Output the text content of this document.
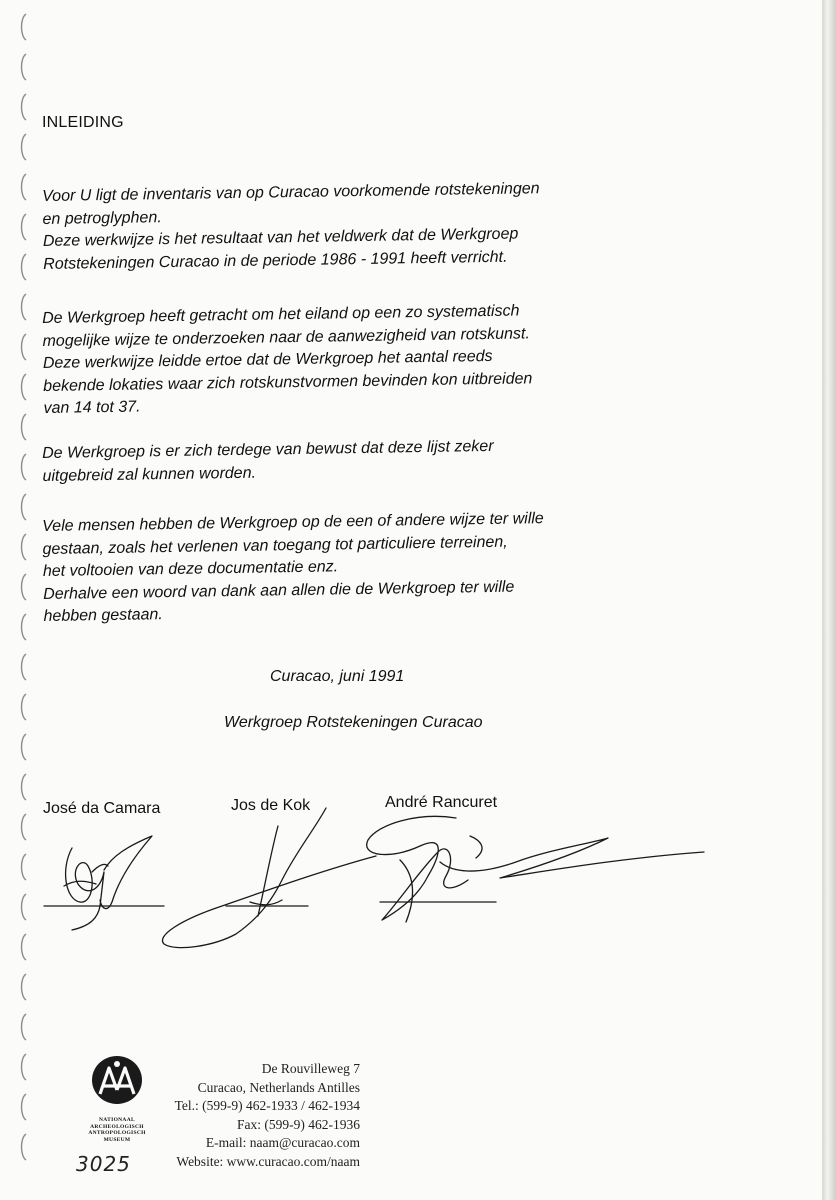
INLEIDING

Voor U ligt de inventaris van op Curacao voorkomende rotstekeningen

en petroglyphen.

Deze werkwijze is het resultaat van het veldwerk dat de Werkgroep

Rotstekeningen Curacao in de periode 1986 - 1991 heeft verricht.

De Werkgroep heeft getracht om het eiland op een zo systematisch

mogelijke wijze te onderzoeken naar de aanwezigheid van rotskunst.

Deze werkwijze leidde ertoe dat de Werkgroep het aantal reeds

bekende lokaties waar zich rotskunstvormen bevinden kon uitbreiden

van 14 tot 37.

De Werkgroep is er zich terdege van bewust dat deze lijst zeker

uitgebreid zal kunnen worden.

Vele mensen hebben de Werkgroep op de een of andere wijze ter wille

gestaan, zoals het verlenen van toegang tot particuliere terreinen,

het voltooien van deze documentatie enz.

Derhalve een woord van dank aan allen die de Werkgroep ter wille

hebben gestaan.

Curacao, juni 1991
Werkgroep Rotstekeningen Curacao
José da Camara	Jos de Kok	André Rancuret
NATIONAAL
ARCHEOLOGISCH
ANTROPOLOGISCH
MUSEUM
De Rouvilleweg 7
Curacao, Netherlands Antilles
Tel.: (599-9) 462-1933 / 462-1934
Fax: (599-9) 462-1936
E-mail: naam@curacao.com
Website: www.curacao.com/naam
3025
